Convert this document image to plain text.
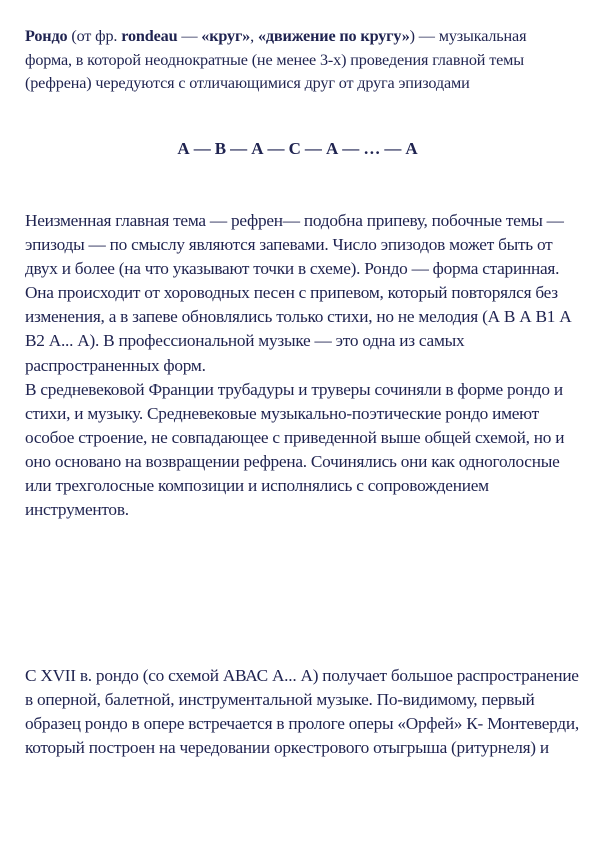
Рондо (от фр. rondeau — «круг», «движение по кругу») — музыкальная форма, в которой неоднократные (не менее 3-х) проведения главной темы (рефрена) чередуются с отличающимися друг от друга эпизодами
А — В — А — С — А — … — А

Неизменная главная тема — рефрен— подобна припеву, побочные темы — эпизоды — по смыслу являются запевами. Число эпизодов может быть от двух и более (на что указывают точки в схеме). Рондо — форма старинная. Она происходит от хороводных песен с припевом, который повторялся без изменения, а в запеве обновлялись только стихи, но не мелодия (А В А В1 А В2 А... А). В профессиональной музыке — это одна из самых распространенных форм.

В средневековой Франции трубадуры и труверы сочиняли в форме рондо и стихи, и музыку. Средневековые музыкально-поэтические рондо имеют особое строение, не совпадающее с приведенной выше общей схемой, но и оно основано на возвращении рефрена. Сочинялись они как одноголосные или трехголосные композиции и исполнялись с сопровождением инструментов.

С XVII в. рондо (со схемой АВАС А... А) получает большое распространение в оперной, балетной, инструментальной музыке. По-видимому, первый образец рондо в опере встречается в прологе оперы «Орфей» К- Монтеверди, который построен на чередовании оркестрового отыгрыша (ритурнеля) и
